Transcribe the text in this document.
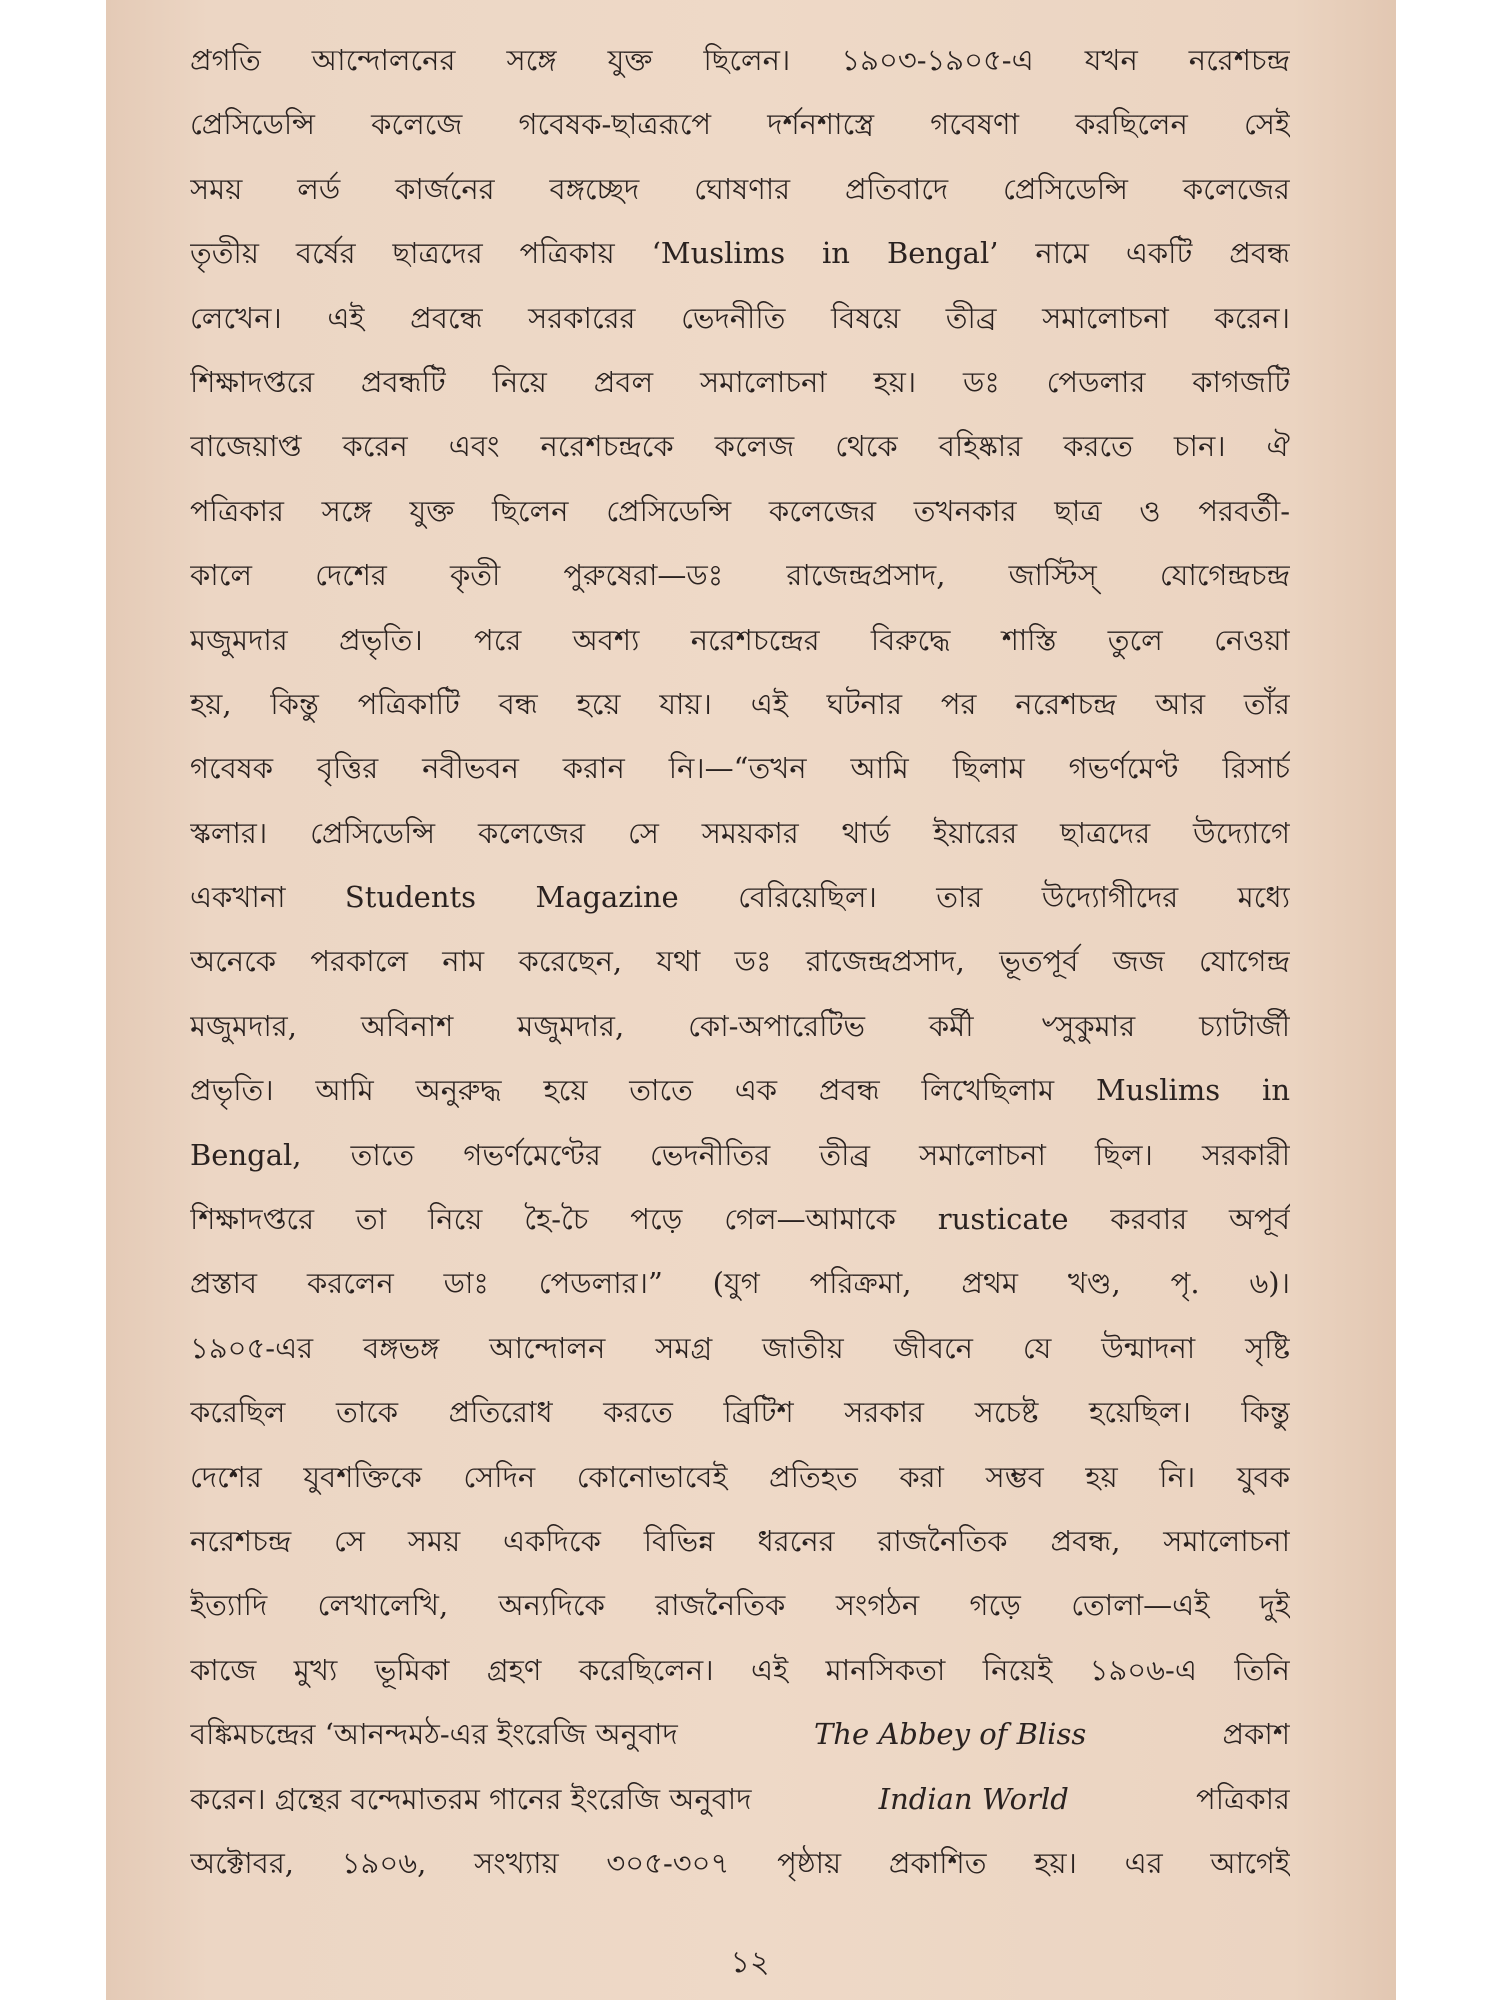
প্রগতি আন্দোলনের সঙ্গে যুক্ত ছিলেন। ১৯০৩-১৯০৫-এ যখন নরেশচন্দ্র
প্রেসিডেন্সি কলেজে গবেষক-ছাত্ররূপে দর্শনশাস্ত্রে গবেষণা করছিলেন সেই
সময় লর্ড কার্জনের বঙ্গচ্ছেদ ঘোষণার প্রতিবাদে প্রেসিডেন্সি কলেজের
তৃতীয় বর্ষের ছাত্রদের পত্রিকায় ‘Muslims in Bengal’ নামে একটি প্রবন্ধ
লেখেন। এই প্রবন্ধে সরকারের ভেদনীতি বিষয়ে তীব্র সমালোচনা করেন।
শিক্ষাদপ্তরে প্রবন্ধটি নিয়ে প্রবল সমালোচনা হয়। ডঃ পেডলার কাগজটি
বাজেয়াপ্ত করেন এবং নরেশচন্দ্রকে কলেজ থেকে বহিষ্কার করতে চান। ঐ
পত্রিকার সঙ্গে যুক্ত ছিলেন প্রেসিডেন্সি কলেজের তখনকার ছাত্র ও পরবর্তী-
কালে দেশের কৃতী পুরুষেরা—ডঃ রাজেন্দ্রপ্রসাদ, জাস্টিস্ যোগেন্দ্রচন্দ্র
মজুমদার প্রভৃতি। পরে অবশ্য নরেশচন্দ্রের বিরুদ্ধে শাস্তি তুলে নেওয়া
হয়, কিন্তু পত্রিকাটি বন্ধ হয়ে যায়। এই ঘটনার পর নরেশচন্দ্র আর তাঁর
গবেষক বৃত্তির নবীভবন করান নি।—“তখন আমি ছিলাম গভর্ণমেণ্ট রিসার্চ
স্কলার। প্রেসিডেন্সি কলেজের সে সময়কার থার্ড ইয়ারের ছাত্রদের উদ্যোগে
একখানা Students Magazine বেরিয়েছিল। তার উদ্যোগীদের মধ্যে
অনেকে পরকালে নাম করেছেন, যথা ডঃ রাজেন্দ্রপ্রসাদ, ভূতপূর্ব জজ যোগেন্দ্র
মজুমদার, অবিনাশ মজুমদার, কো-অপারেটিভ কর্মী ৺সুকুমার চ্যাটার্জী
প্রভৃতি। আমি অনুরুদ্ধ হয়ে তাতে এক প্রবন্ধ লিখেছিলাম Muslims in
Bengal, তাতে গভর্ণমেণ্টের ভেদনীতির তীব্র সমালোচনা ছিল। সরকারী
শিক্ষাদপ্তরে তা নিয়ে হৈ-চৈ পড়ে গেল—আমাকে rusticate করবার অপূর্ব
প্রস্তাব করলেন ডাঃ পেডলার।” (যুগ পরিক্রমা, প্রথম খণ্ড, পৃ. ৬)।
১৯০৫-এর বঙ্গভঙ্গ আন্দোলন সমগ্র জাতীয় জীবনে যে উন্মাদনা সৃষ্টি
করেছিল তাকে প্রতিরোধ করতে ব্রিটিশ সরকার সচেষ্ট হয়েছিল। কিন্তু
দেশের যুবশক্তিকে সেদিন কোনোভাবেই প্রতিহত করা সম্ভব হয় নি। যুবক
নরেশচন্দ্র সে সময় একদিকে বিভিন্ন ধরনের রাজনৈতিক প্রবন্ধ, সমালোচনা
ইত্যাদি লেখালেখি, অন্যদিকে রাজনৈতিক সংগঠন গড়ে তোলা—এই দুই
কাজে মুখ্য ভূমিকা গ্রহণ করেছিলেন। এই মানসিকতা নিয়েই ১৯০৬-এ তিনি
বঙ্কিমচন্দ্রের ‘আনন্দমঠ-এর ইংরেজি অনুবাদ	The Abbey of Bliss	প্রকাশ
করেন। গ্রন্থের বন্দেমাতরম গানের ইংরেজি অনুবাদ	Indian World	পত্রিকার
অক্টোবর, ১৯০৬, সংখ্যায় ৩০৫-৩০৭ পৃষ্ঠায় প্রকাশিত হয়। এর আগেই
১২
